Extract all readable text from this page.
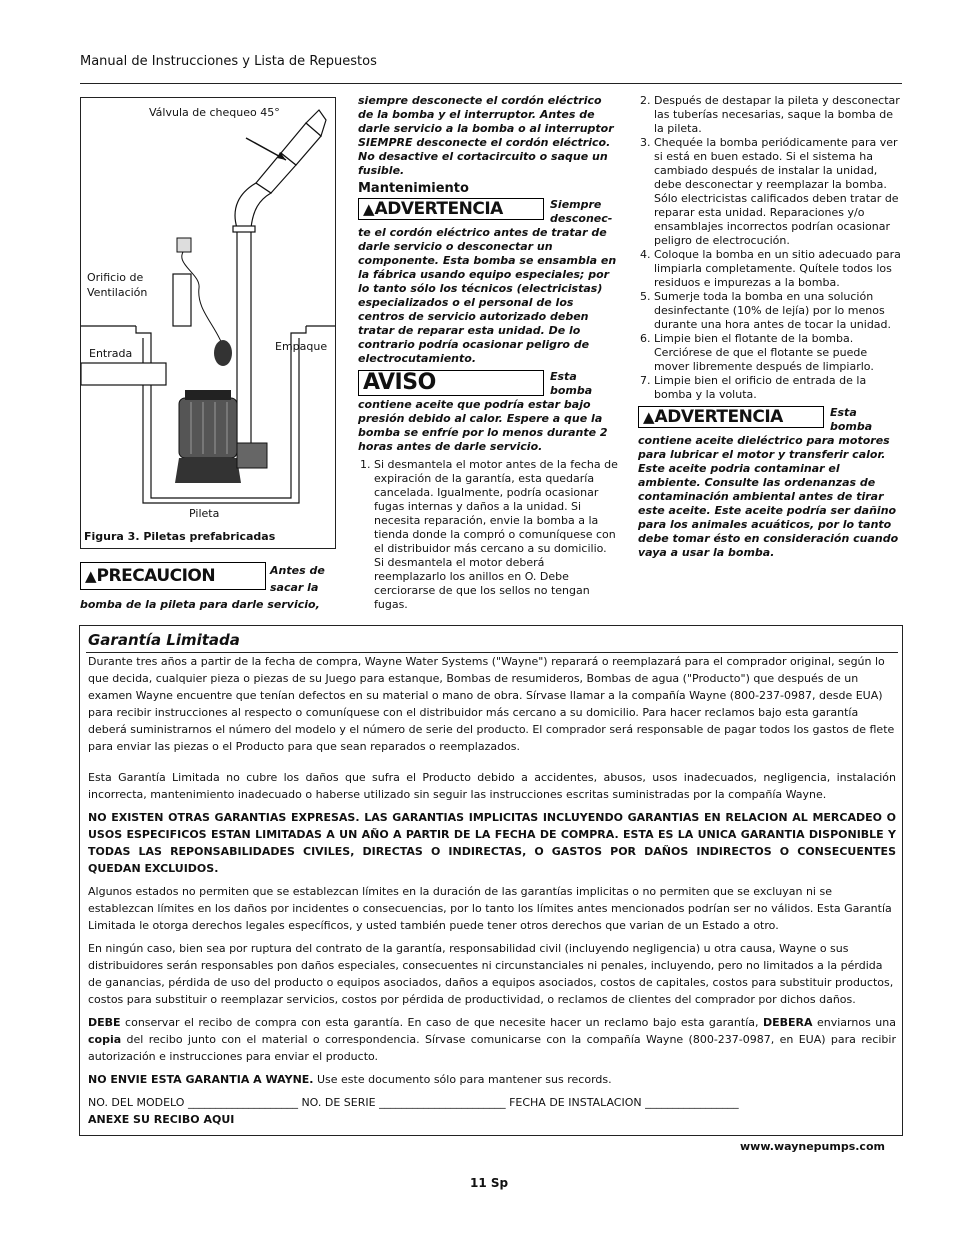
Manual de Instrucciones y Lista de Repuestos
Válvula de chequeo 45°
Orificio de Ventilación
Entrada
Empaque
Pileta
Figura 3. Piletas prefabricadas
▲PRECAUCION	Antes de sacar la
bomba de la pileta para darle servicio,
siempre desconecte el cordón eléctrico de la bomba y el interruptor. Antes de darle servicio a la bomba o al interruptor SIEMPRE desconecte el cordón eléctrico. No desactive el cortacircuito o saque un fusible.
Mantenimiento
▲ADVERTENCIA	Siempre desconec-
te el cordón eléctrico antes de tratar de darle servicio o desconectar un componente. Esta bomba se ensambla en la fábrica usando equipo especiales; por lo tanto sólo los técnicos (electricistas) especializados o el personal de los centros de servicio autorizado deben tratar de reparar esta unidad. De lo contrario podría ocasionar peligro de electrocutamiento.
AVISO	Esta bomba
contiene aceite que podría estar bajo presión debido al calor. Espere a que la bomba se enfríe por lo menos durante 2 horas antes de darle servicio.
1. Si desmantela el motor antes de la fecha de expiración de la garantía, esta quedaría cancelada. Igualmente, podría ocasionar fugas internas y daños a la unidad. Si necesita reparación, envie la bomba a la tienda donde la compró o comuníquese con el distribuidor más cercano a su domicilio. Si desmantela el motor deberá reemplazarlo los anillos en O. Debe cerciorarse de que los sellos no tengan fugas.
2. Después de destapar la pileta y desconectar las tuberías necesarias, saque la bomba de la pileta.
3. Chequée la bomba periódicamente para ver si está en buen estado. Si el sistema ha cambiado después de instalar la unidad, debe desconectar y reemplazar la bomba. Sólo electricistas calificados deben tratar de reparar esta unidad. Reparaciones y/o ensamblajes incorrectos podrían ocasionar peligro de electrocución.
4. Coloque la bomba en un sitio adecuado para limpiarla completamente. Quítele todos los residuos e impurezas a la bomba.
5. Sumerje toda la bomba en una solución desinfectante (10% de lejía) por lo menos durante una hora antes de tocar la unidad.
6. Limpie bien el flotante de la bomba. Cerciórese de que el flotante se puede mover libremente después de limpiarlo.
7. Limpie bien el orificio de entrada de la bomba y la voluta.
▲ADVERTENCIA	Esta bomba
contiene aceite dieléctrico para motores para lubricar el motor y transferir calor. Este aceite podria contaminar el ambiente. Consulte las ordenanzas de contaminación ambiental antes de tirar este aceite. Este aceite podría ser dañino para los animales acuáticos, por lo tanto debe tomar ésto en consideración cuando vaya a usar la bomba.
Garantía Limitada

Durante tres años a partir de la fecha de compra, Wayne Water Systems ("Wayne") reparará o reemplazará para el comprador original, según lo que decida, cualquier pieza o piezas de su Juego para estanque, Bombas de resumideros, Bombas de agua ("Producto") que después de un examen Wayne encuentre que tenían defectos en su material o mano de obra. Sírvase llamar a la compañía Wayne (800-237-0987, desde EUA) para recibir instrucciones al respecto o comuníquese con el distribuidor más cercano a su domicilio. Para hacer reclamos bajo esta garantía deberá suministrarnos el número del modelo y el número de serie del producto. El comprador será responsable de pagar todos los gastos de flete para enviar las piezas o el Producto para que sean reparados o reemplazados.

Esta Garantía Limitada no cubre los daños que sufra el Producto debido a accidentes, abusos, usos inadecuados, negligencia, instalación incorrecta, mantenimiento inadecuado o haberse utilizado sin seguir las instrucciones escritas suministradas por la compañía Wayne.

NO EXISTEN OTRAS GARANTIAS EXPRESAS. LAS GARANTIAS IMPLICITAS INCLUYENDO GARANTIAS EN RELACION AL MERCADEO O USOS ESPECIFICOS ESTAN LIMITADAS A UN AÑO A PARTIR DE LA FECHA DE COMPRA. ESTA ES LA UNICA GARANTIA DISPONIBLE Y TODAS LAS REPONSABILIDADES CIVILES, DIRECTAS O INDIRECTAS, O GASTOS POR DAÑOS INDIRECTOS O CONSECUENTES QUEDAN EXCLUIDOS.

Algunos estados no permiten que se establezcan límites en la duración de las garantías implicitas o no permiten que se excluyan ni se establezcan límites en los daños por incidentes o consecuencias, por lo tanto los límites antes mencionados podrían ser no válidos. Esta Garantía Limitada le otorga derechos legales específicos, y usted también puede tener otros derechos que varian de un Estado a otro.

En ningún caso, bien sea por ruptura del contrato de la garantía, responsabilidad civil (incluyendo negligencia) u otra causa, Wayne o sus distribuidores serán responsables pon daños especiales, consecuentes ni circunstanciales ni penales, incluyendo, pero no limitados a la pérdida de ganancias, pérdida de uso del producto o equipos asociados, daños a equipos asociados, costos de capitales, costos para substituir productos, costos para substituir o reemplazar servicios, costos por pérdida de productividad, o reclamos de clientes del comprador por dichos daños.

DEBE conservar el recibo de compra con esta garantía. En caso de que necesite hacer un reclamo bajo esta garantía, DEBERA enviarnos una copia del recibo junto con el material o correspondencia. Sírvase comunicarse con la compañía Wayne (800-237-0987, en EUA) para recibir autorización e instrucciones para enviar el producto.

NO ENVIE ESTA GARANTIA A WAYNE. Use este documento sólo para mantener sus records.

NO. DEL MODELO ____________________ NO. DE SERIE _______________________ FECHA DE INSTALACION _________________
ANEXE SU RECIBO AQUI
www.waynepumps.com
11 Sp
